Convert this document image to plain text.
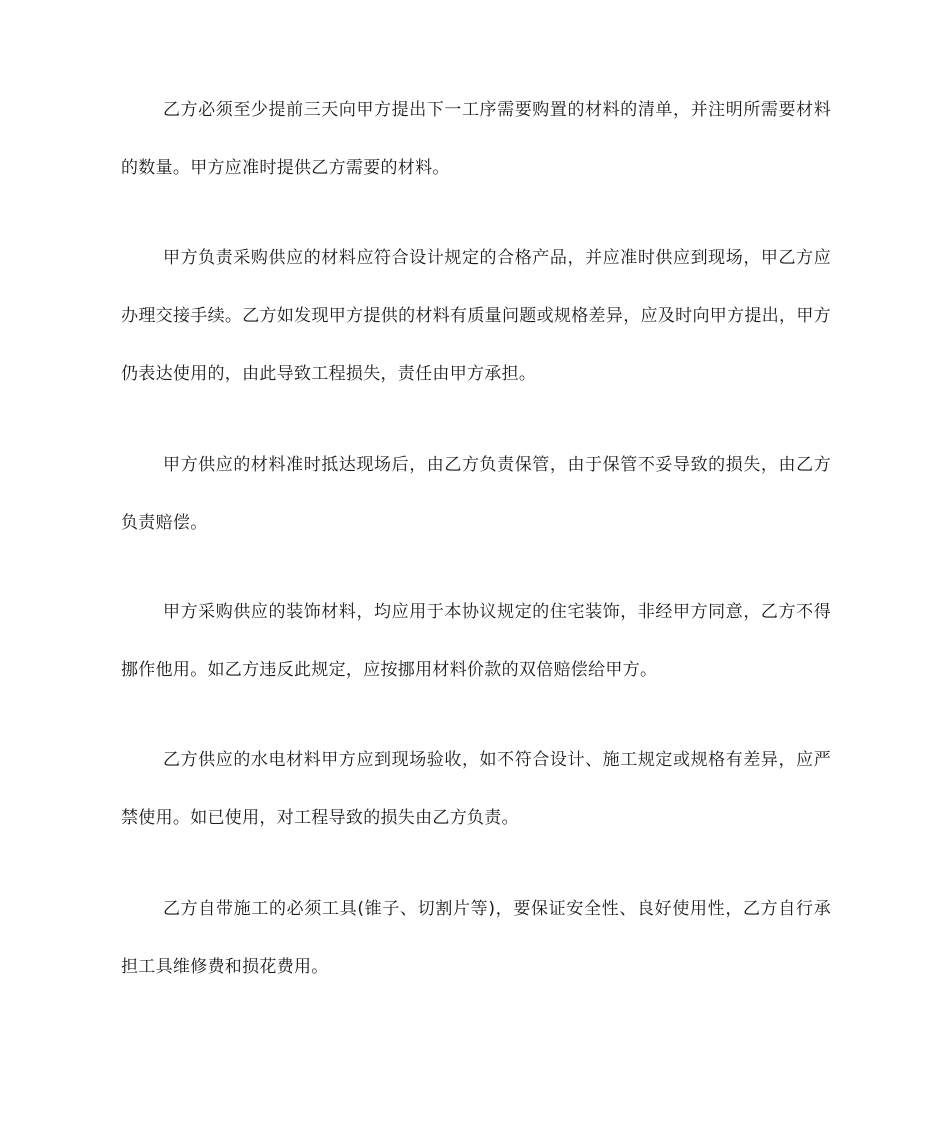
乙方必须至少提前三天向甲方提出下一工序需要购置的材料的清单，并注明所需要材料的数量。甲方应准时提供乙方需要的材料。

甲方负责采购供应的材料应符合设计规定的合格产品，并应准时供应到现场，甲乙方应办理交接手续。乙方如发现甲方提供的材料有质量问题或规格差异，应及时向甲方提出，甲方仍表达使用的，由此导致工程损失，责任由甲方承担。

甲方供应的材料准时抵达现场后，由乙方负责保管，由于保管不妥导致的损失，由乙方负责赔偿。

甲方采购供应的装饰材料，均应用于本协议规定的住宅装饰，非经甲方同意，乙方不得挪作他用。如乙方违反此规定，应按挪用材料价款的双倍赔偿给甲方。

乙方供应的水电材料甲方应到现场验收，如不符合设计、施工规定或规格有差异，应严禁使用。如已使用，对工程导致的损失由乙方负责。

乙方自带施工的必须工具(锥子、切割片等)，要保证安全性、良好使用性，乙方自行承担工具维修费和损花费用。
